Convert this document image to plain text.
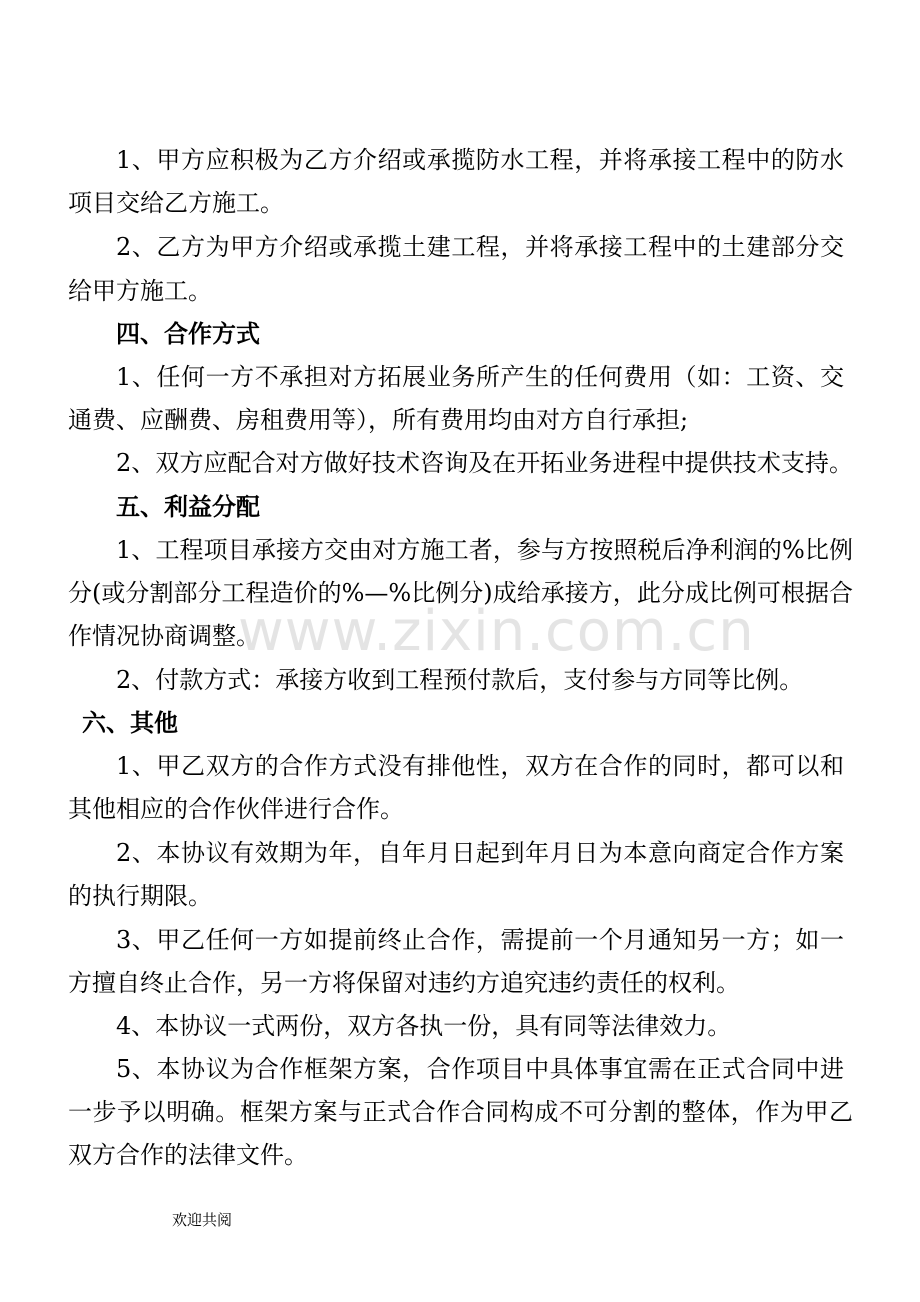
www.zixin.com.cn
1、甲方应积极为乙方介绍或承揽防水工程，并将承接工程中的防水
项目交给乙方施工。
2、乙方为甲方介绍或承揽土建工程，并将承接工程中的土建部分交
给甲方施工。
四、合作方式
1、任何一方不承担对方拓展业务所产生的任何费用（如：工资、交
通费、应酬费、房租费用等），所有费用均由对方自行承担;
2、双方应配合对方做好技术咨询及在开拓业务进程中提供技术支持。
五、利益分配
1、工程项目承接方交由对方施工者，参与方按照税后净利润的%比例
分(或分割部分工程造价的%—%比例分)成给承接方，此分成比例可根据合
作情况协商调整。
2、付款方式：承接方收到工程预付款后，支付参与方同等比例。
六、其他
1、甲乙双方的合作方式没有排他性，双方在合作的同时，都可以和
其他相应的合作伙伴进行合作。
2、本协议有效期为年，自年月日起到年月日为本意向商定合作方案
的执行期限。
3、甲乙任何一方如提前终止合作，需提前一个月通知另一方；如一
方擅自终止合作，另一方将保留对违约方追究违约责任的权利。
4、本协议一式两份，双方各执一份，具有同等法律效力。
5、本协议为合作框架方案，合作项目中具体事宜需在正式合同中进
一步予以明确。框架方案与正式合作合同构成不可分割的整体，作为甲乙
双方合作的法律文件。
欢迎共阅
